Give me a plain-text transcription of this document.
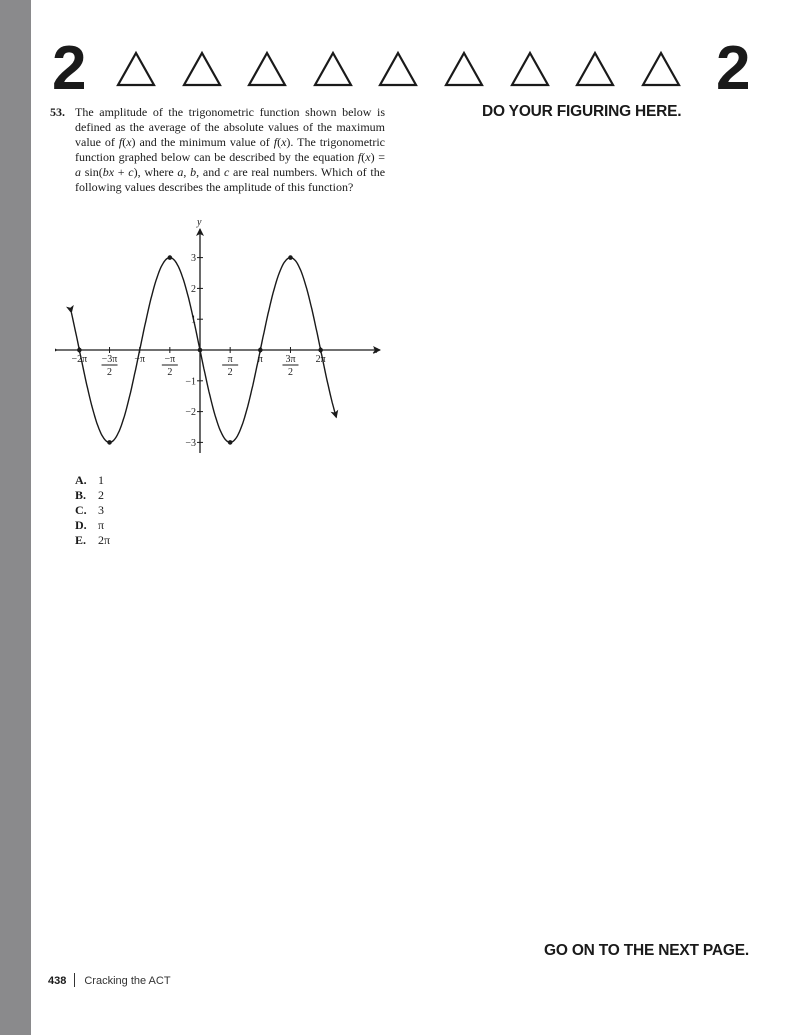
2	2
DO YOUR FIGURING HERE.
53. The amplitude of the trigonometric function shown below is defined as the average of the absolute values of the maximum value of f(x) and the minimum value of f(x). The trigonometric function graphed below can be described by the equation f(x) = a sin(bx + c), where a, b, and c are real numbers. Which of the following values describes the amplitude of this function?

x
y
−2π −3π
2
−π −π
2
π
2
π 3π
2
2π
3
2
1
−1
−2
−3
A. 1
B. 2
C. 3
D. π
E. 2π
GO ON TO THE NEXT PAGE.
438 Cracking the ACT
